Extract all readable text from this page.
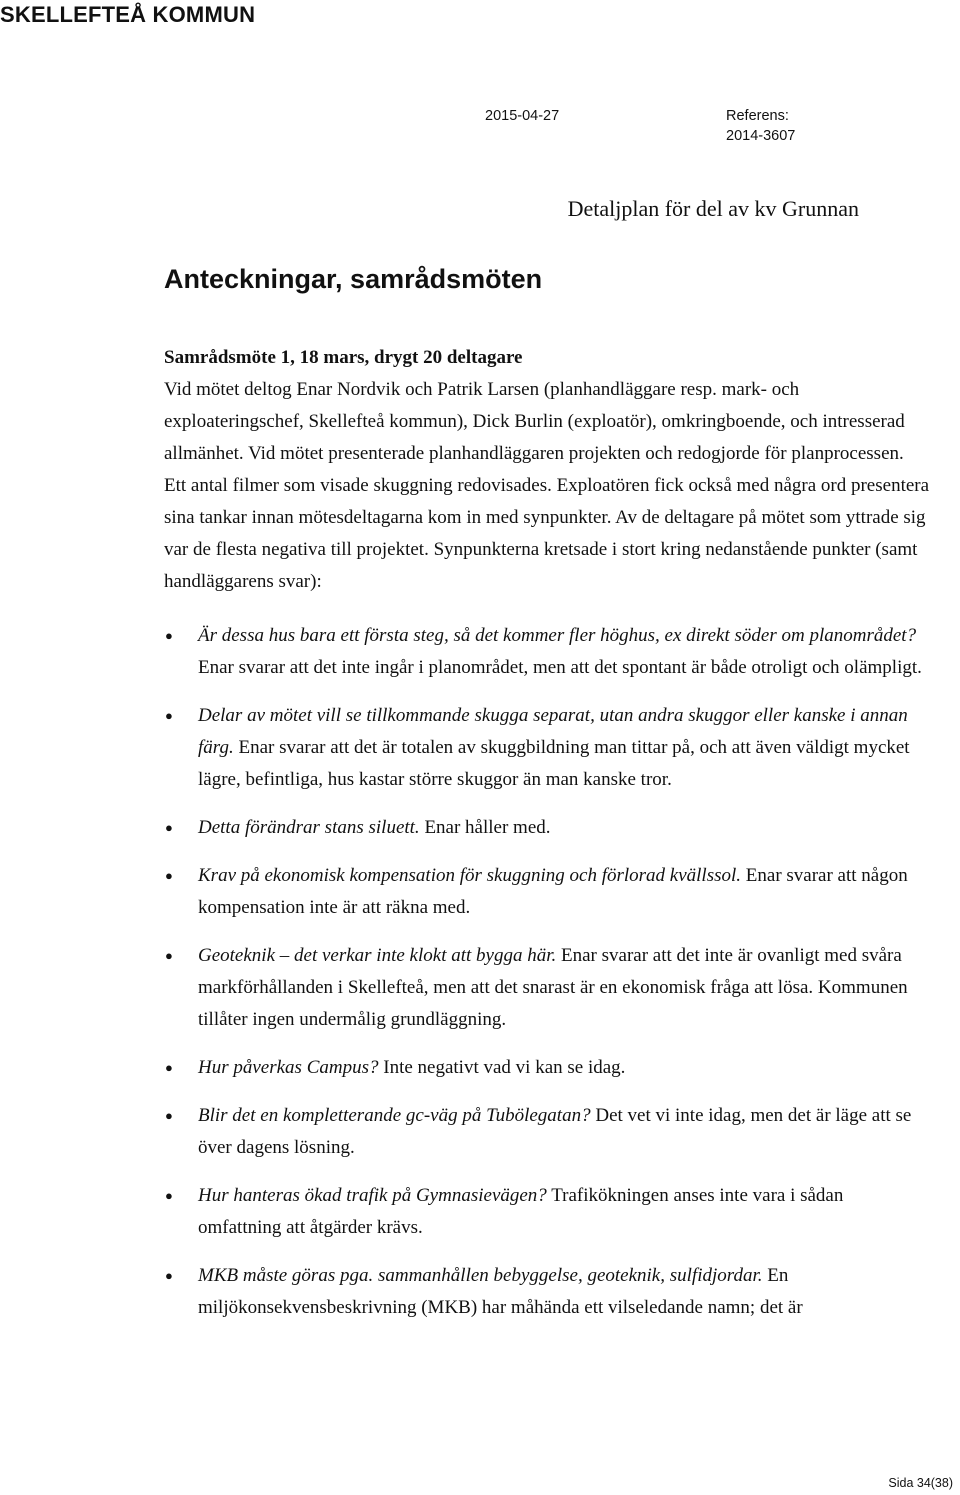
SKELLEFTEÅ KOMMUN
2015-04-27	Referens:
2014-3607
Detaljplan för del av kv Grunnan
Anteckningar, samrådsmöten
Samrådsmöte 1, 18 mars, drygt 20 deltagare

Vid mötet deltog Enar Nordvik och Patrik Larsen (planhandläggare resp. mark- och exploateringschef, Skellefteå kommun), Dick Burlin (exploatör), omkringboende, och intresserad allmänhet. Vid mötet presenterade planhandläggaren projekten och redogjorde för planprocessen. Ett antal filmer som visade skuggning redovisades. Exploatören fick också med några ord presentera sina tankar innan mötesdeltagarna kom in med synpunkter. Av de deltagare på mötet som yttrade sig var de flesta negativa till projektet. Synpunkterna kretsade i stort kring nedanstående punkter (samt handläggarens svar):

● Är dessa hus bara ett första steg, så det kommer fler höghus, ex direkt söder om planområdet? Enar svarar att det inte ingår i planområdet, men att det spontant är både otroligt och olämpligt.
● Delar av mötet vill se tillkommande skugga separat, utan andra skuggor eller kanske i annan färg. Enar svarar att det är totalen av skuggbildning man tittar på, och att även väldigt mycket lägre, befintliga, hus kastar större skuggor än man kanske tror.
● Detta förändrar stans siluett. Enar håller med.
● Krav på ekonomisk kompensation för skuggning och förlorad kvällssol. Enar svarar att någon kompensation inte är att räkna med.
● Geoteknik – det verkar inte klokt att bygga här. Enar svarar att det inte är ovanligt med svåra markförhållanden i Skellefteå, men att det snarast är en ekonomisk fråga att lösa. Kommunen tillåter ingen undermålig grundläggning.
● Hur påverkas Campus? Inte negativt vad vi kan se idag.
● Blir det en kompletterande gc-väg på Tubölegatan? Det vet vi inte idag, men det är läge att se över dagens lösning.
● Hur hanteras ökad trafik på Gymnasievägen? Trafikökningen anses inte vara i sådan omfattning att åtgärder krävs.
● MKB måste göras pga. sammanhållen bebyggelse, geoteknik, sulfidjordar. En miljökonsekvensbeskrivning (MKB) har måhända ett vilseledande namn; det är
Sida 34(38)
